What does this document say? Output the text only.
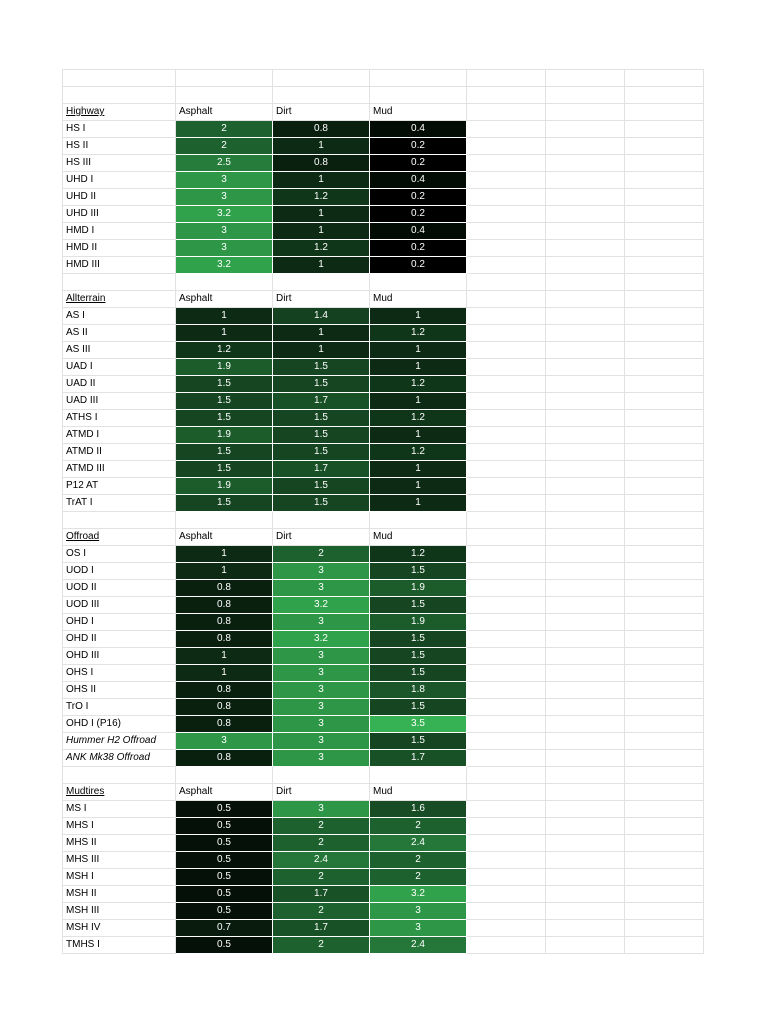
Highway	Asphalt	Dirt	Mud			
HS I	2	0.8	0.4			
HS II	2	1	0.2			
HS III	2.5	0.8	0.2			
UHD I	3	1	0.4			
UHD II	3	1.2	0.2			
UHD III	3.2	1	0.2			
HMD I	3	1	0.4			
HMD II	3	1.2	0.2			
HMD III	3.2	1	0.2			

Allterrain	Asphalt	Dirt	Mud			
AS I	1	1.4	1			
AS II	1	1	1.2			
AS III	1.2	1	1			
UAD I	1.9	1.5	1			
UAD II	1.5	1.5	1.2			
UAD III	1.5	1.7	1			
ATHS I	1.5	1.5	1.2			
ATMD I	1.9	1.5	1			
ATMD II	1.5	1.5	1.2			
ATMD III	1.5	1.7	1			
P12 AT	1.9	1.5	1			
TrAT I	1.5	1.5	1			

Offroad	Asphalt	Dirt	Mud			
OS I	1	2	1.2			
UOD I	1	3	1.5			
UOD II	0.8	3	1.9			
UOD III	0.8	3.2	1.5			
OHD I	0.8	3	1.9			
OHD II	0.8	3.2	1.5			
OHD III	1	3	1.5			
OHS I	1	3	1.5			
OHS II	0.8	3	1.8			
TrO I	0.8	3	1.5			
OHD I (P16)	0.8	3	3.5			
Hummer H2 Offroad	3	3	1.5			
ANK Mk38 Offroad	0.8	3	1.7			

Mudtires	Asphalt	Dirt	Mud			
MS I	0.5	3	1.6			
MHS I	0.5	2	2			
MHS II	0.5	2	2.4			
MHS III	0.5	2.4	2			
MSH I	0.5	2	2			
MSH II	0.5	1.7	3.2			
MSH III	0.5	2	3			
MSH IV	0.7	1.7	3			
TMHS I	0.5	2	2.4			
